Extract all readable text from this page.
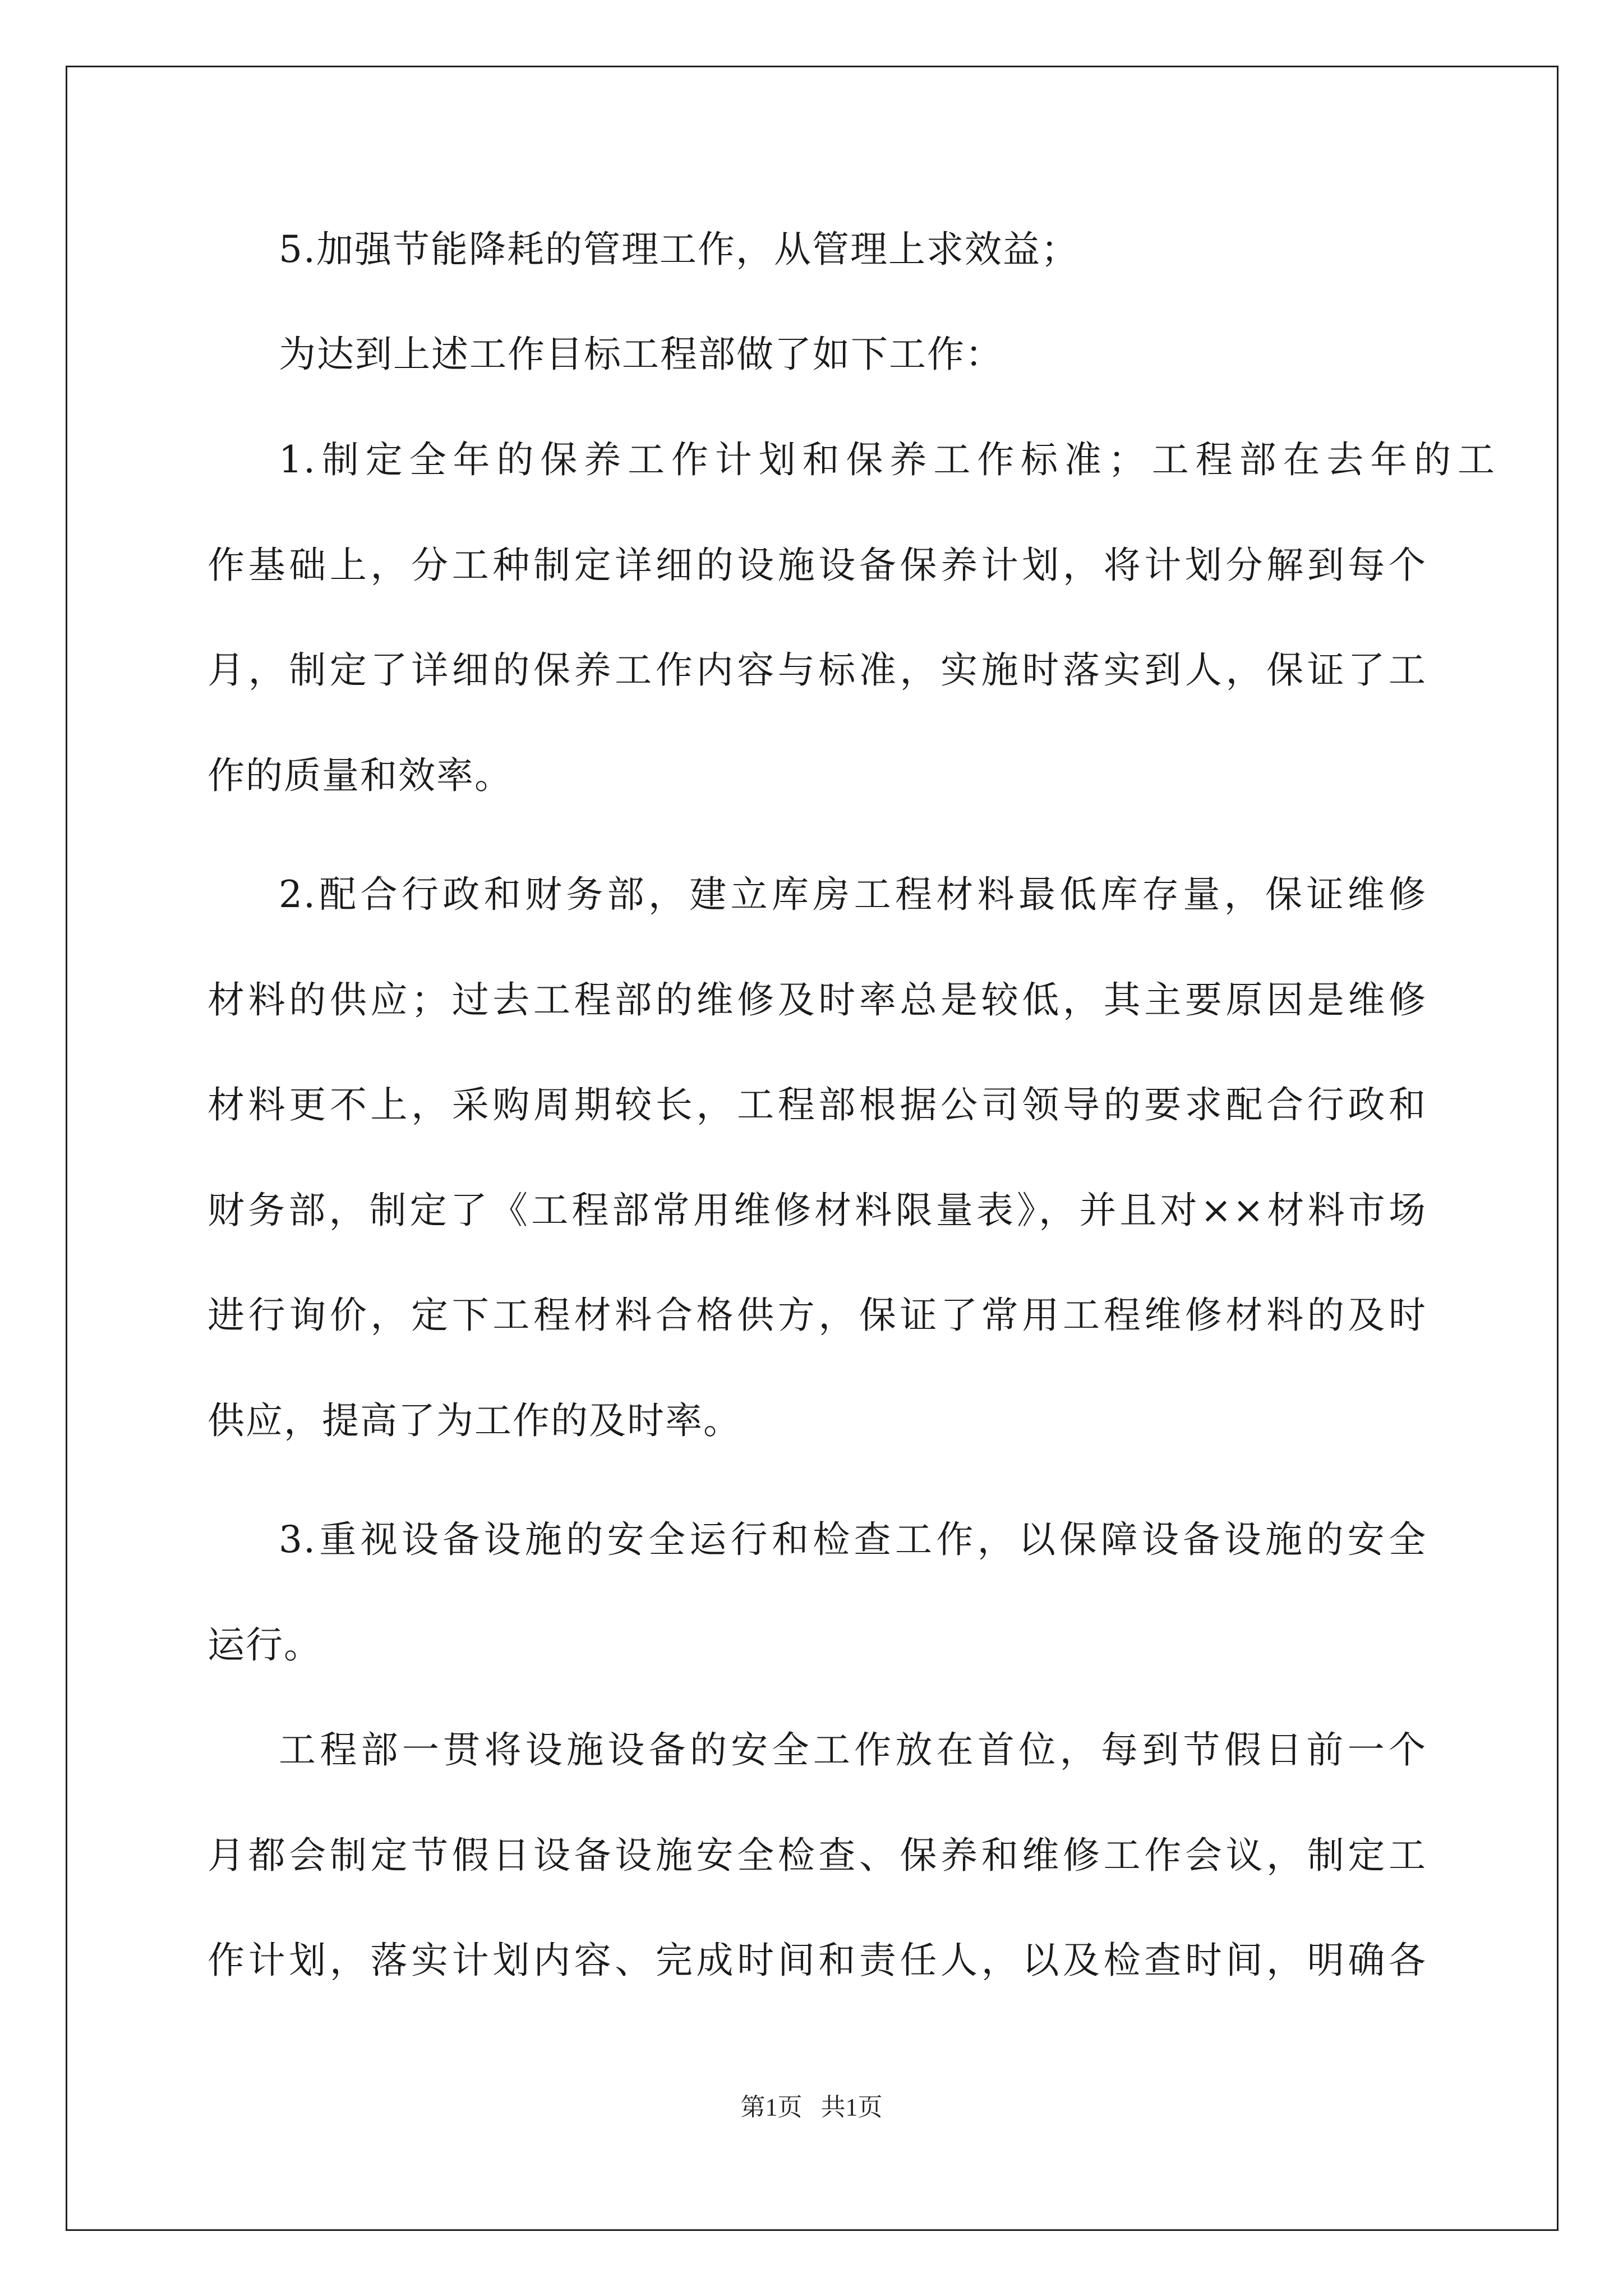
5.加强节能降耗的管理工作，从管理上求效益；
为达到上述工作目标工程部做了如下工作：
1.制定全年的保养工作计划和保养工作标准；工程部在去年的工
作基础上，分工种制定详细的设施设备保养计划，将计划分解到每个
月，制定了详细的保养工作内容与标准，实施时落实到人，保证了工
作的质量和效率。
2.配合行政和财务部，建立库房工程材料最低库存量，保证维修
材料的供应；过去工程部的维修及时率总是较低，其主要原因是维修
材料更不上，采购周期较长，工程部根据公司领导的要求配合行政和
财务部，制定了《工程部常用维修材料限量表》，并且对××材料市场
进行询价，定下工程材料合格供方，保证了常用工程维修材料的及时
供应，提高了为工作的及时率。
3.重视设备设施的安全运行和检查工作，以保障设备设施的安全
运行。
工程部一贯将设施设备的安全工作放在首位，每到节假日前一个
月都会制定节假日设备设施安全检查、保养和维修工作会议，制定工
作计划，落实计划内容、完成时间和责任人，以及检查时间，明确各
第1页   共1页
